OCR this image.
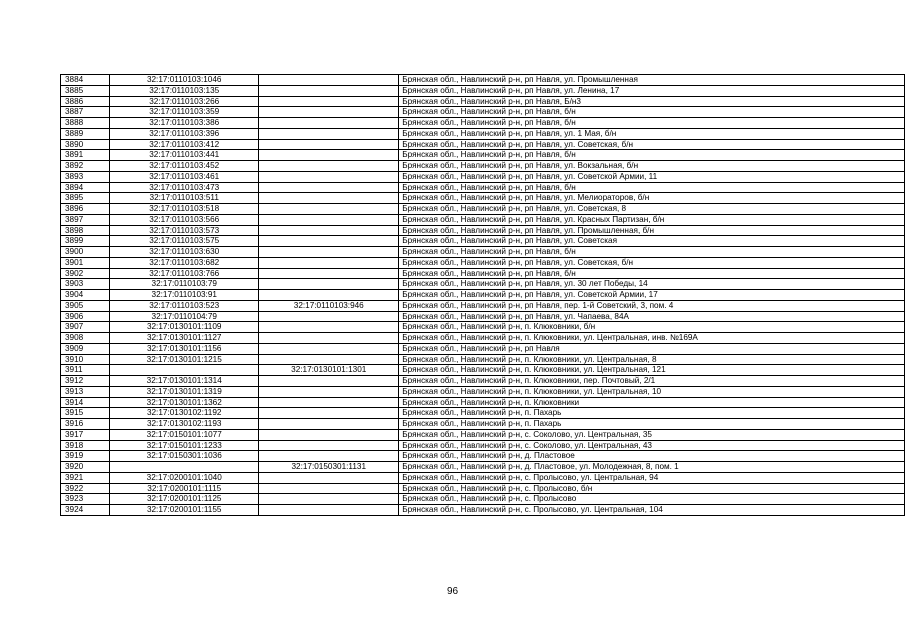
3884	32:17:0110103:1046		Брянская обл., Навлинский р-н, рп Навля, ул. Промышленная
3885	32:17:0110103:135		Брянская обл., Навлинский р-н, рп Навля, ул. Ленина, 17
3886	32:17:0110103:266		Брянская обл., Навлинский р-н, рп Навля, Б/н3
3887	32:17:0110103:359		Брянская обл., Навлинский р-н, рп Навля, б/н
3888	32:17:0110103:386		Брянская обл., Навлинский р-н, рп Навля, б/н
3889	32:17:0110103:396		Брянская обл., Навлинский р-н, рп Навля, ул. 1 Мая, б/н
3890	32:17:0110103:412		Брянская обл., Навлинский р-н, рп Навля, ул. Советская, б/н
3891	32:17:0110103:441		Брянская обл., Навлинский р-н, рп Навля, б/н
3892	32:17:0110103:452		Брянская обл., Навлинский р-н, рп Навля, ул. Вокзальная, б/н
3893	32:17:0110103:461		Брянская обл., Навлинский р-н, рп Навля, ул. Советской Армии, 11
3894	32:17:0110103:473		Брянская обл., Навлинский р-н, рп Навля, б/н
3895	32:17:0110103:511		Брянская обл., Навлинский р-н, рп Навля, ул. Мелиораторов, б/н
3896	32:17:0110103:518		Брянская обл., Навлинский р-н, рп Навля, ул. Советская, 8
3897	32:17:0110103:566		Брянская обл., Навлинский р-н, рп Навля, ул. Красных Партизан, б/н
3898	32:17:0110103:573		Брянская обл., Навлинский р-н, рп Навля, ул. Промышленная, б/н
3899	32:17:0110103:575		Брянская обл., Навлинский р-н, рп Навля, ул. Советская
3900	32:17:0110103:630		Брянская обл., Навлинский р-н, рп Навля, б/н
3901	32:17:0110103:682		Брянская обл., Навлинский р-н, рп Навля, ул. Советская, б/н
3902	32:17:0110103:766		Брянская обл., Навлинский р-н, рп Навля, б/н
3903	32:17:0110103:79		Брянская обл., Навлинский р-н, рп Навля, ул. 30 лет Победы, 14
3904	32:17:0110103:91		Брянская обл., Навлинский р-н, рп Навля, ул. Советской Армии, 17
3905	32:17:0110103:523	32:17:0110103:946	Брянская обл., Навлинский р-н, рп Навля, пер. 1-й Советский, 3, пом. 4
3906	32:17:0110104:79		Брянская обл., Навлинский р-н, рп Навля, ул. Чапаева, 84А
3907	32:17:0130101:1109		Брянская обл., Навлинский р-н, п. Клюковники, б/н
3908	32:17:0130101:1127		Брянская обл., Навлинский р-н, п. Клюковники, ул. Центральная, инв. №169А
3909	32:17:0130101:1156		Брянская обл., Навлинский р-н, рп Навля
3910	32:17:0130101:1215		Брянская обл., Навлинский р-н, п. Клюковники, ул. Центральная, 8
3911		32:17:0130101:1301	Брянская обл., Навлинский р-н, п. Клюковники, ул. Центральная, 121
3912	32:17:0130101:1314		Брянская обл., Навлинский р-н, п. Клюковники, пер. Почтовый, 2/1
3913	32:17:0130101:1319		Брянская обл., Навлинский р-н, п. Клюковники, ул. Центральная, 10
3914	32:17:0130101:1362		Брянская обл., Навлинский р-н, п. Клюковники
3915	32:17:0130102:1192		Брянская обл., Навлинский р-н, п. Пахарь
3916	32:17:0130102:1193		Брянская обл., Навлинский р-н, п. Пахарь
3917	32:17:0150101:1077		Брянская обл., Навлинский р-н, с. Соколово, ул. Центральная, 35
3918	32:17:0150101:1233		Брянская обл., Навлинский р-н, с. Соколово, ул. Центральная, 43
3919	32:17:0150301:1036		Брянская обл., Навлинский р-н, д. Пластовое
3920		32:17:0150301:1131	Брянская обл., Навлинский р-н, д. Пластовое, ул. Молодежная, 8, пом. 1
3921	32:17:0200101:1040		Брянская обл., Навлинский р-н, с. Пролысово, ул. Центральная, 94
3922	32:17:0200101:1115		Брянская обл., Навлинский р-н, с. Пролысово, б/н
3923	32:17:0200101:1125		Брянская обл., Навлинский р-н, с. Пролысово
3924	32:17:0200101:1155		Брянская обл., Навлинский р-н, с. Пролысово, ул. Центральная, 104
96
